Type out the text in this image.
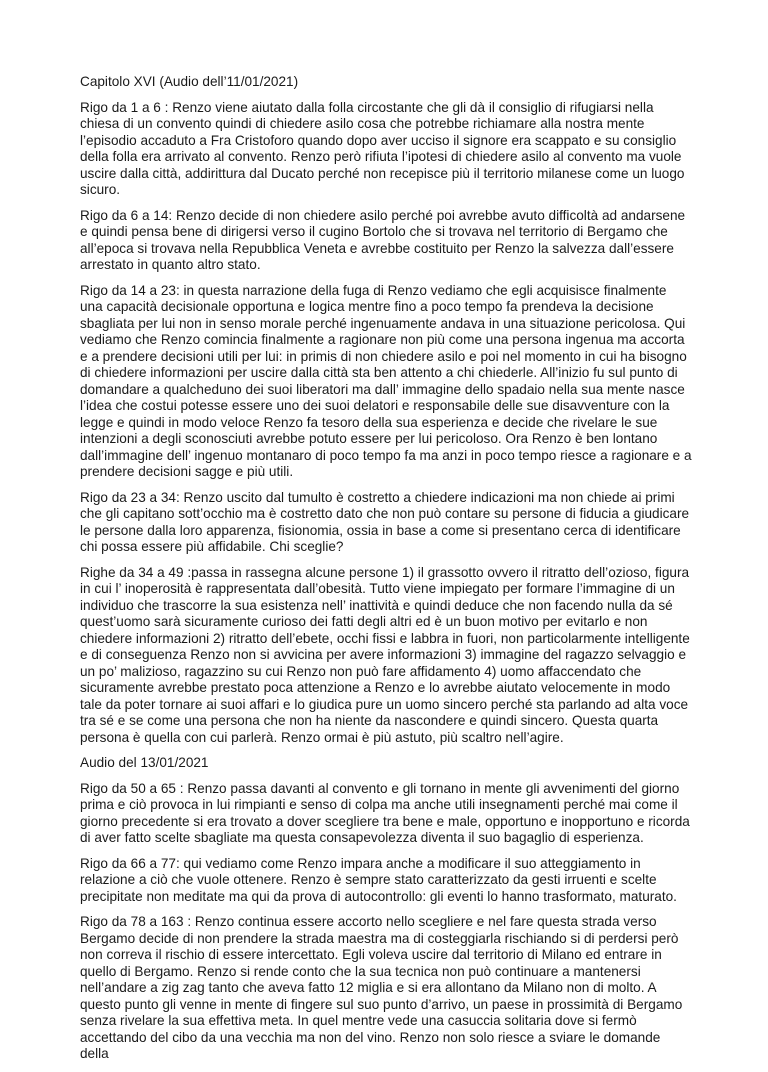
Capitolo XVI (Audio dell’11/01/2021)

Rigo da 1 a 6 : Renzo viene aiutato dalla folla circostante che gli dà il consiglio di rifugiarsi nella chiesa di un convento quindi di chiedere asilo cosa che potrebbe richiamare alla nostra mente l’episodio accaduto a Fra Cristoforo quando dopo aver ucciso il signore era scappato e su consiglio della folla era arrivato al convento. Renzo però rifiuta l’ipotesi di chiedere asilo al convento ma vuole uscire dalla città, addirittura dal Ducato perché non recepisce più il territorio milanese come un luogo sicuro.

Rigo da 6 a 14: Renzo decide di non chiedere asilo perché poi avrebbe avuto difficoltà ad andarsene e quindi pensa bene di dirigersi verso il cugino Bortolo che si trovava nel territorio di Bergamo che all’epoca si trovava nella Repubblica Veneta e avrebbe costituito per Renzo la salvezza dall’essere arrestato in quanto altro stato.

Rigo da 14 a 23: in questa narrazione della fuga di Renzo vediamo che egli acquisisce finalmente una capacità decisionale opportuna e logica mentre fino a poco tempo fa prendeva la decisione sbagliata per lui non in senso morale perché ingenuamente andava in una situazione pericolosa. Qui vediamo che Renzo comincia finalmente a ragionare non più come una persona ingenua ma accorta e a prendere decisioni utili per lui: in primis di non chiedere asilo e poi nel momento in cui ha bisogno di chiedere informazioni per uscire dalla città sta ben attento a chi chiederle. All’inizio fu sul punto di domandare a qualcheduno dei suoi liberatori ma dall’ immagine dello spadaio nella sua mente nasce l’idea che costui potesse essere uno dei suoi delatori e responsabile delle sue disavventure con la legge e quindi in modo veloce Renzo fa tesoro della sua esperienza e decide che rivelare le sue intenzioni a degli sconosciuti avrebbe potuto essere per lui pericoloso. Ora Renzo è ben lontano dall’immagine dell’ ingenuo montanaro di poco tempo fa ma anzi in poco tempo riesce a ragionare e a prendere decisioni sagge e più utili.

Rigo da 23 a 34: Renzo uscito dal tumulto è costretto a chiedere indicazioni ma non chiede ai primi che gli capitano sott’occhio ma è costretto dato che non può contare su persone di fiducia a giudicare le persone dalla loro apparenza, fisionomia, ossia in base a come si presentano cerca di identificare chi possa essere più affidabile. Chi sceglie?

Righe da 34 a 49 :passa in rassegna alcune persone 1) il grassotto ovvero il ritratto dell’ozioso, figura in cui l’ inoperosità è rappresentata dall’obesità. Tutto viene impiegato per formare l’immagine di un individuo che trascorre la sua esistenza nell’ inattività e quindi deduce che non facendo nulla da sé quest’uomo sarà sicuramente curioso dei fatti degli altri ed è un buon motivo per evitarlo e non chiedere informazioni 2) ritratto dell’ebete, occhi fissi e labbra in fuori, non particolarmente intelligente e di conseguenza Renzo non si avvicina per avere informazioni 3) immagine del ragazzo selvaggio e un po’ malizioso, ragazzino su cui Renzo non può fare affidamento 4) uomo affaccendato che sicuramente avrebbe prestato poca attenzione a Renzo e lo avrebbe aiutato velocemente in modo tale da poter tornare ai suoi affari e lo giudica pure un uomo sincero perché sta parlando ad alta voce tra sé e se come una persona che non ha niente da nascondere e quindi sincero. Questa quarta persona è quella con cui parlerà. Renzo ormai è più astuto, più scaltro nell’agire.

Audio del 13/01/2021

Rigo da 50 a 65 : Renzo passa davanti al convento e gli tornano in mente gli avvenimenti del giorno prima e ciò provoca in lui rimpianti e senso di colpa ma anche utili insegnamenti perché mai come il giorno precedente si era trovato a dover scegliere tra bene e male, opportuno e inopportuno e ricorda di aver fatto scelte sbagliate ma questa consapevolezza diventa il suo bagaglio di esperienza.

Rigo da 66 a 77: qui vediamo come Renzo impara anche a modificare il suo atteggiamento in relazione a ciò che vuole ottenere. Renzo è sempre stato caratterizzato da gesti irruenti e scelte precipitate non meditate ma qui da prova di autocontrollo: gli eventi lo hanno trasformato, maturato.

Rigo da 78 a 163 : Renzo continua essere accorto nello scegliere e nel fare questa strada verso Bergamo decide di non prendere la strada maestra ma di costeggiarla rischiando si di perdersi però non correva il rischio di essere intercettato. Egli voleva uscire dal territorio di Milano ed entrare in quello di Bergamo. Renzo si rende conto che la sua tecnica non può continuare a mantenersi nell’andare a zig zag tanto che aveva fatto 12 miglia e si era allontano da Milano non di molto. A questo punto gli venne in mente di fingere sul suo punto d’arrivo, un paese in prossimità di Bergamo senza rivelare la sua effettiva meta. In quel mentre vede una casuccia solitaria dove si fermò accettando del cibo da una vecchia ma non del vino. Renzo non solo riesce a sviare le domande della
